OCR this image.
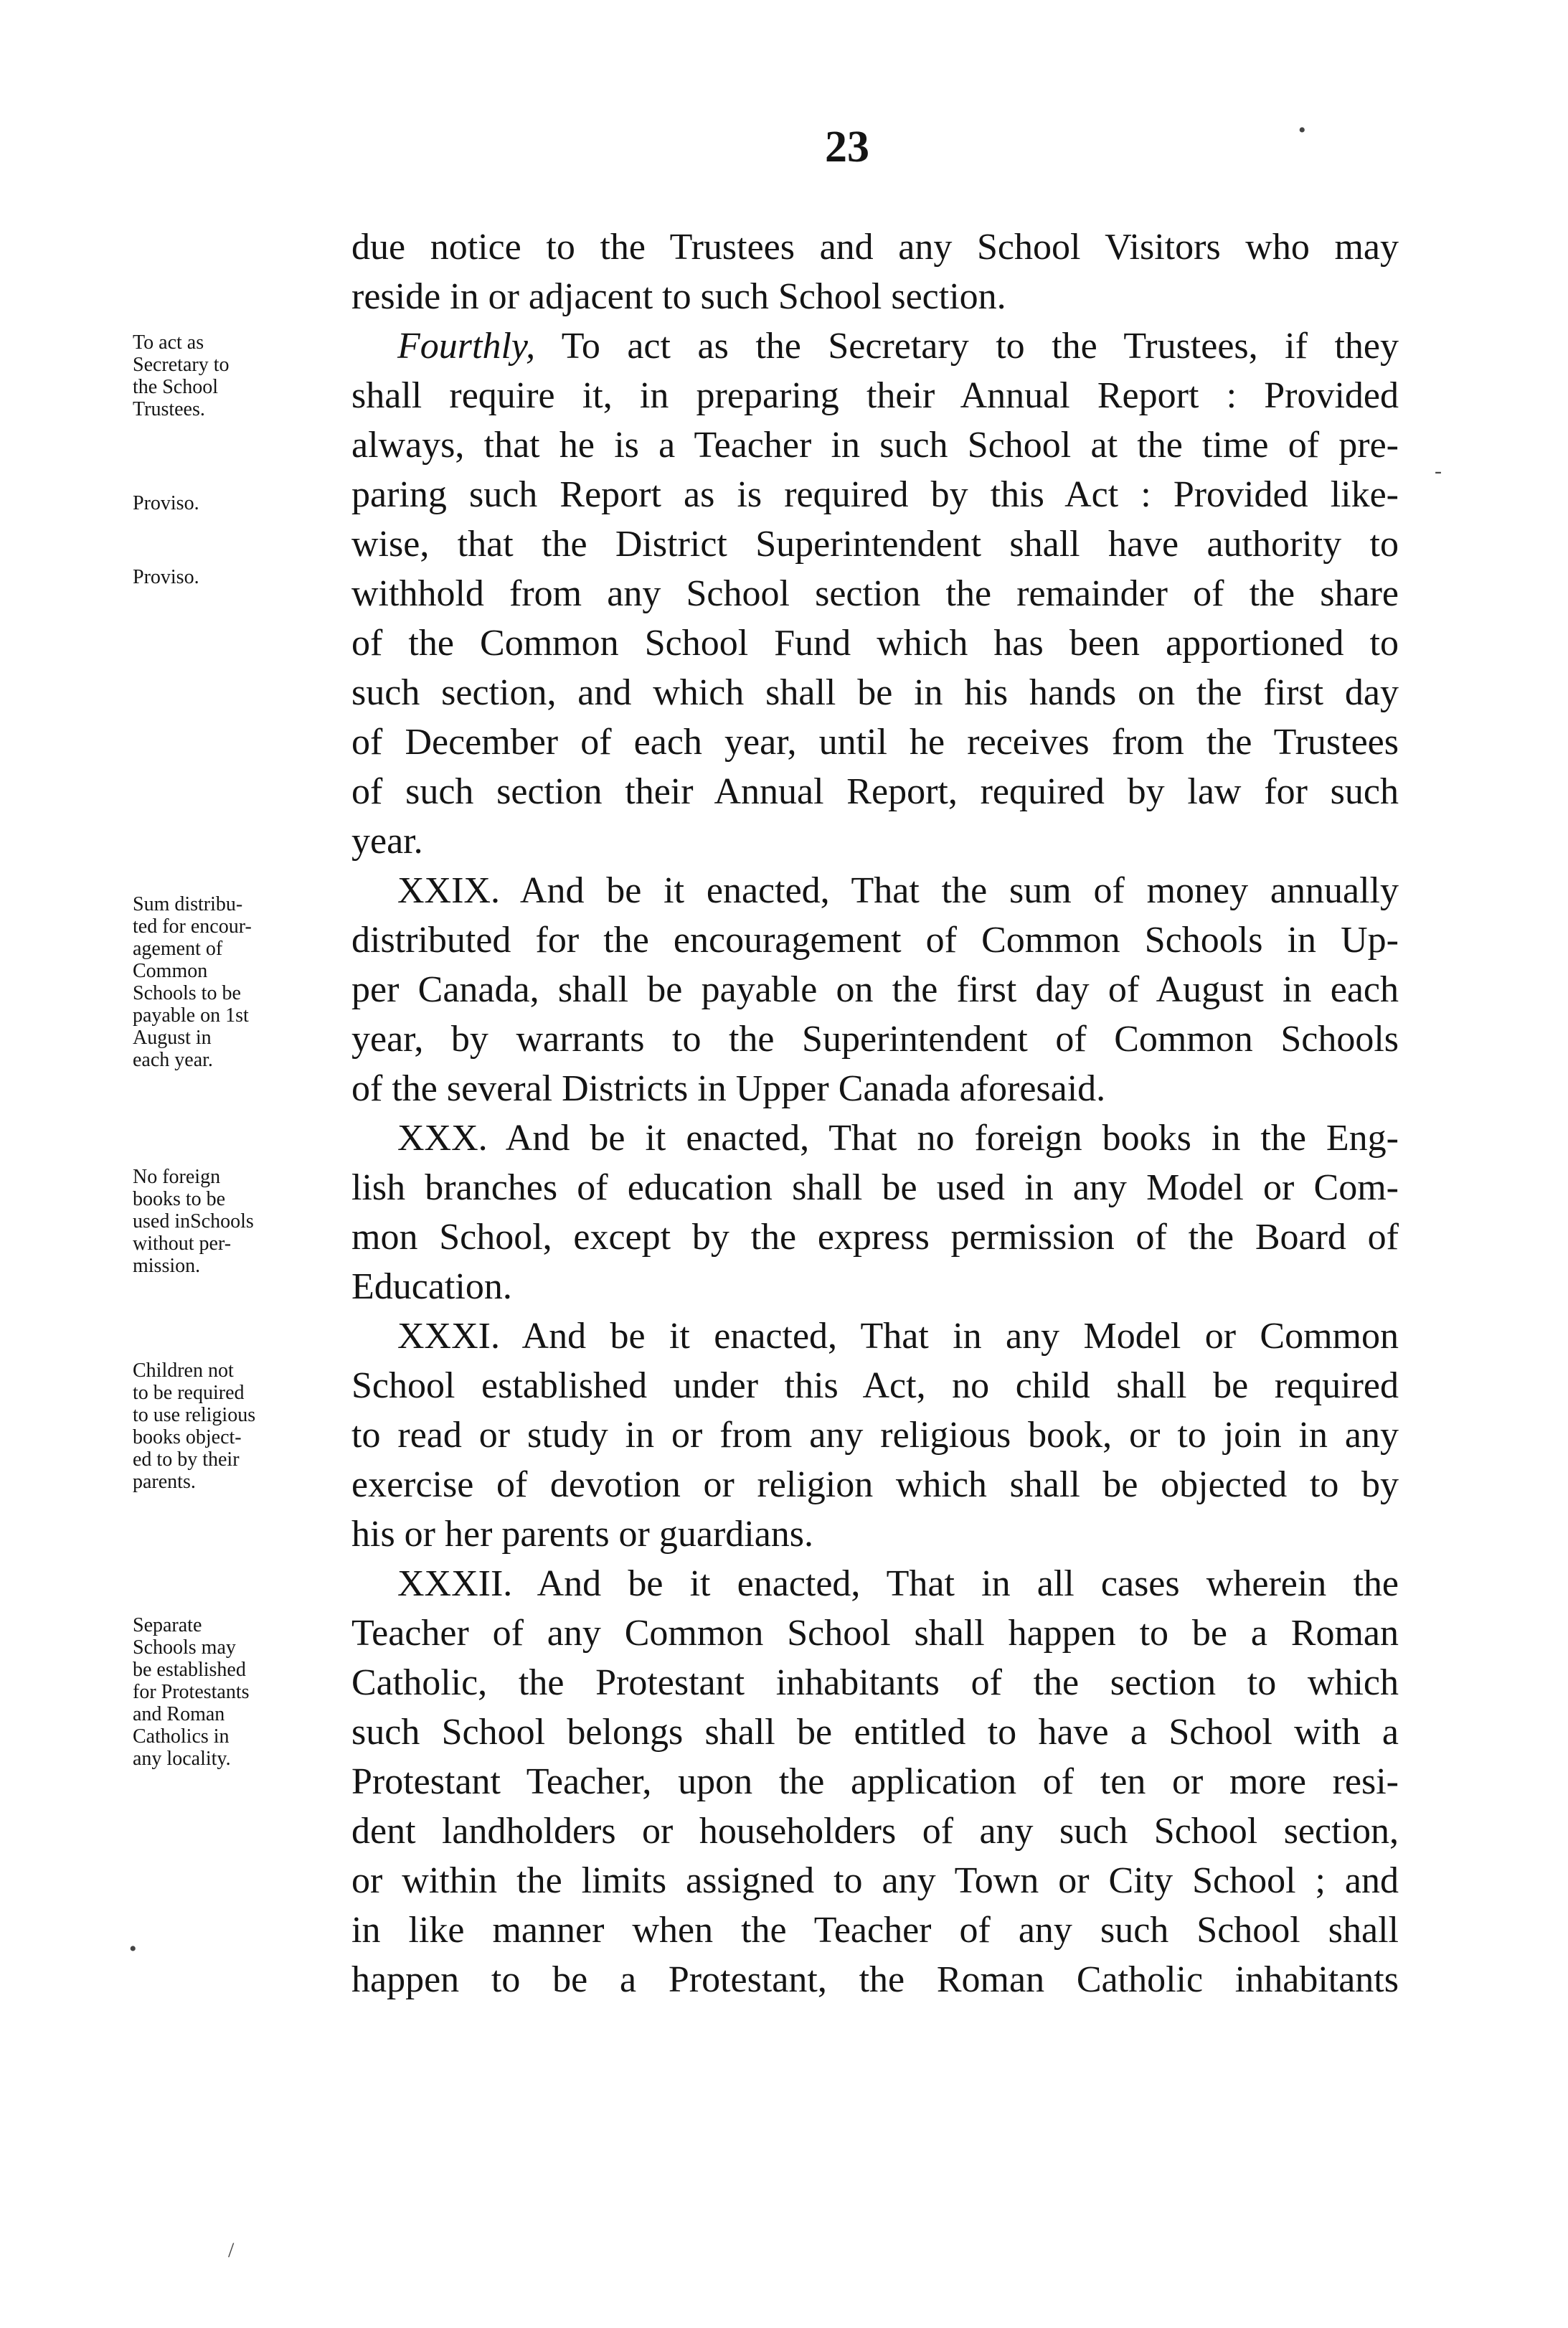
23
due notice to the Trustees and any School Visitors who may
reside in or adjacent to such School section.
Fourthly, To act as the Secretary to the Trustees, if they
shall require it, in preparing their Annual Report : Provided
always, that he is a Teacher in such School at the time of pre-
paring such Report as is required by this Act : Provided like-
wise, that the District Superintendent shall have authority to
withhold from any School section the remainder of the share
of the Common School Fund which has been apportioned to
such section, and which shall be in his hands on the first day
of December of each year, until he receives from the Trustees
of such section their Annual Report, required by law for such
year.
XXIX. And be it enacted, That the sum of money annually
distributed for the encouragement of Common Schools in Up-
per Canada, shall be payable on the first day of August in each
year, by warrants to the Superintendent of Common Schools
of the several Districts in Upper Canada aforesaid.
XXX. And be it enacted, That no foreign books in the Eng-
lish branches of education shall be used in any Model or Com-
mon School, except by the express permission of the Board of
Education.
XXXI. And be it enacted, That in any Model or Common
School established under this Act, no child shall be required
to read or study in or from any religious book, or to join in any
exercise of devotion or religion which shall be objected to by
his or her parents or guardians.
XXXII. And be it enacted, That in all cases wherein the
Teacher of any Common School shall happen to be a Roman
Catholic, the Protestant inhabitants of the section to which
such School belongs shall be entitled to have a School with a
Protestant Teacher, upon the application of ten or more resi-
dent landholders or householders of any such School section,
or within the limits assigned to any Town or City School ; and
in like manner when the Teacher of any such School shall
happen to be a Protestant, the Roman Catholic inhabitants
To act as
Secretary to
the School
Trustees.
Proviso.
Proviso.
Sum distribu-
ted for encour-
agement of
Common
Schools to be
payable on 1st
August in
each year.
No foreign
books to be
used inSchools
without per-
mission.
Children not
to be required
to use religious
books object-
ed to by their
parents.
Separate
Schools may
be established
for Protestants
and Roman
Catholics in
any locality.
•
-
•
/
